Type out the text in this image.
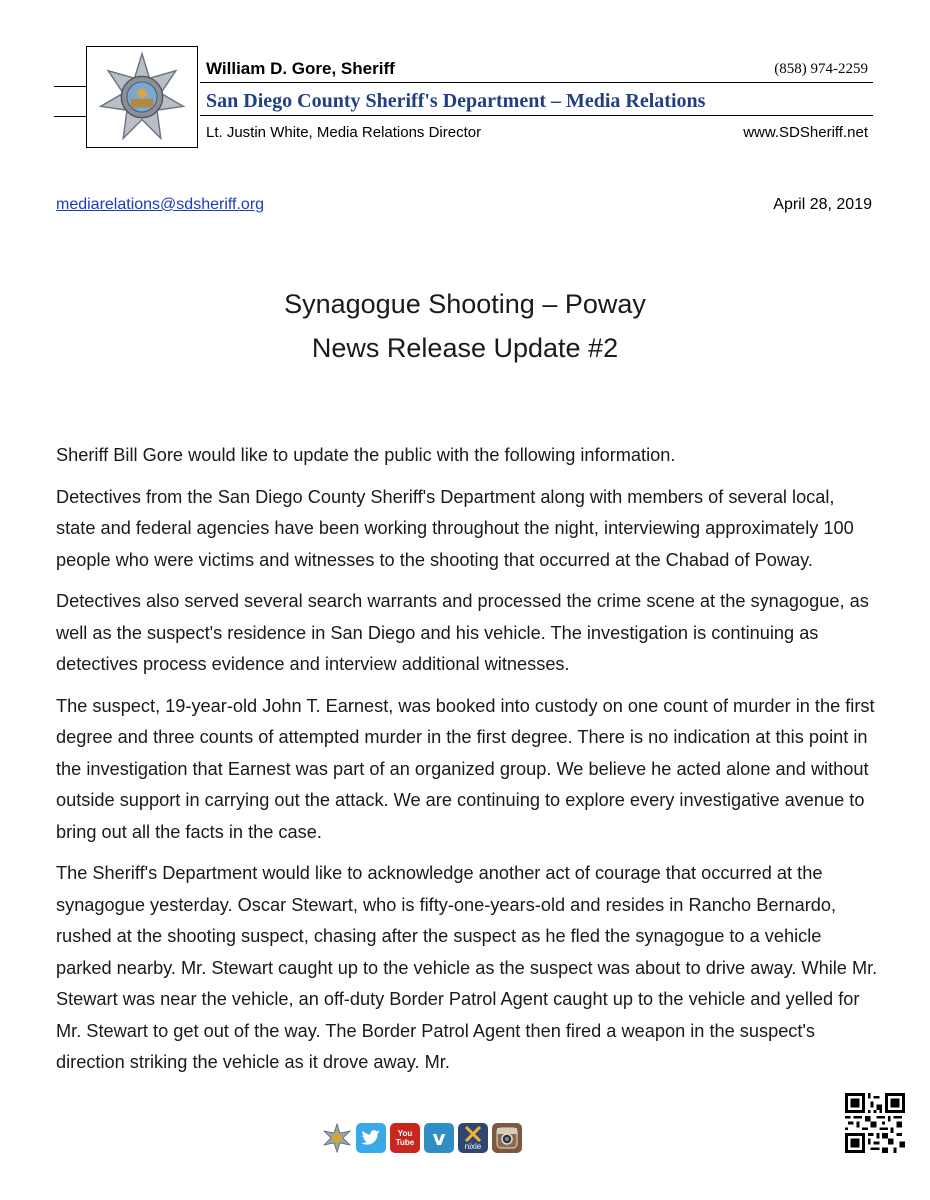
William D. Gore, Sheriff	(858) 974-2259
San Diego County Sheriff's Department – Media Relations
Lt. Justin White, Media Relations Director	www.SDSheriff.net
mediarelations@sdsheriff.org	April 28, 2019
Synagogue Shooting – Poway
News Release Update #2

Sheriff Bill Gore would like to update the public with the following information.

Detectives from the San Diego County Sheriff's Department along with members of several local, state and federal agencies have been working throughout the night, interviewing approximately 100 people who were victims and witnesses to the shooting that occurred at the Chabad of Poway.

Detectives also served several search warrants and processed the crime scene at the synagogue, as well as the suspect's residence in San Diego and his vehicle. The investigation is continuing as detectives process evidence and interview additional witnesses.

The suspect, 19-year-old John T. Earnest, was booked into custody on one count of murder in the first degree and three counts of attempted murder in the first degree. There is no indication at this point in the investigation that Earnest was part of an organized group. We believe he acted alone and without outside support in carrying out the attack. We are continuing to explore every investigative avenue to bring out all the facts in the case.

The Sheriff's Department would like to acknowledge another act of courage that occurred at the synagogue yesterday. Oscar Stewart, who is fifty-one-years-old and resides in Rancho Bernardo, rushed at the shooting suspect, chasing after the suspect as he fled the synagogue to a vehicle parked nearby. Mr. Stewart caught up to the vehicle as the suspect was about to drive away. While Mr. Stewart was near the vehicle, an off-duty Border Patrol Agent caught up to the vehicle and yelled for Mr. Stewart to get out of the way. The Border Patrol Agent then fired a weapon in the suspect's direction striking the vehicle as it drove away. Mr.

You Tube v nixle
